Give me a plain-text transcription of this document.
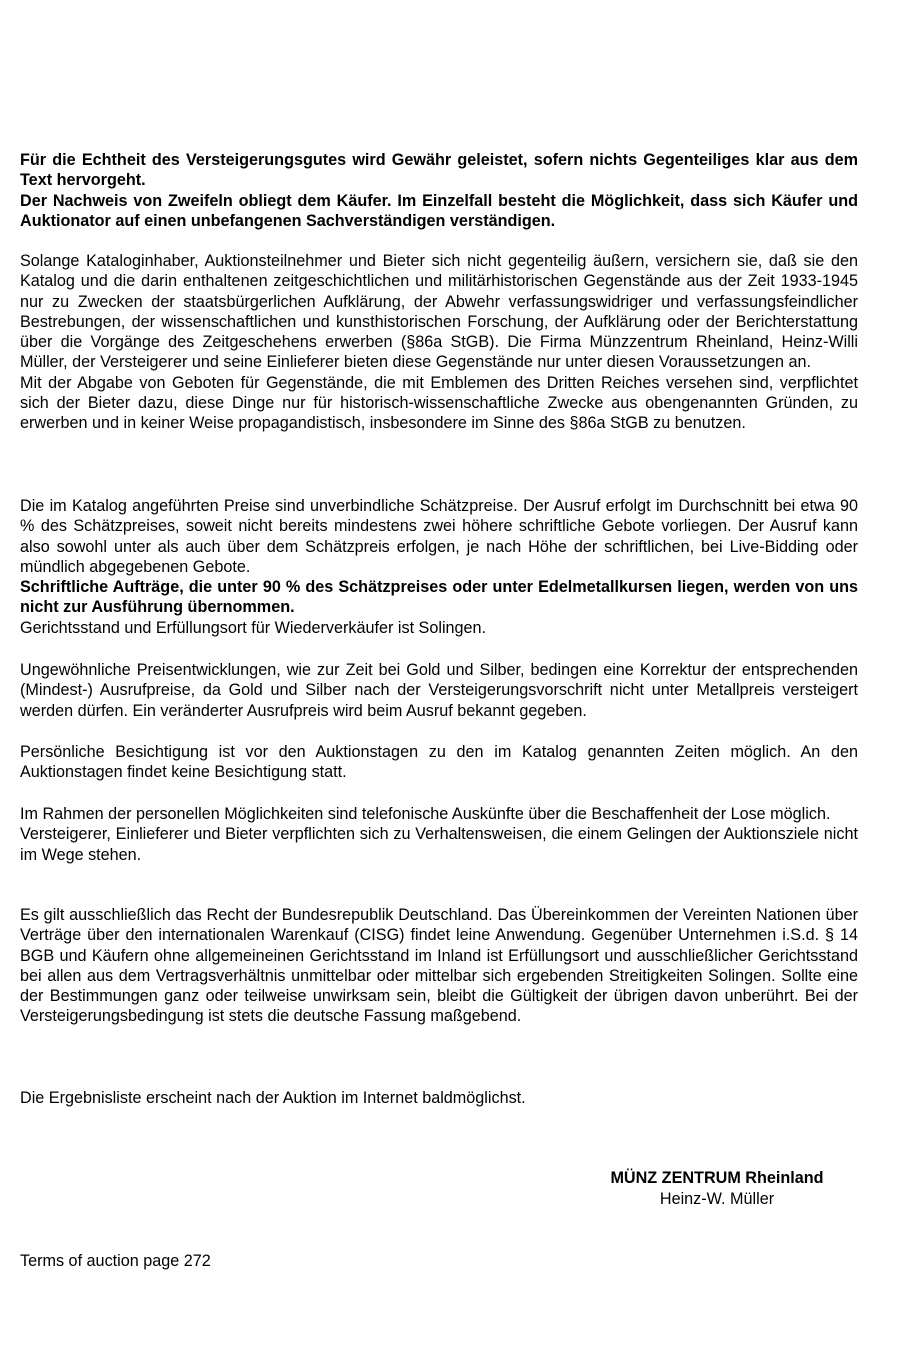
Für die Echtheit des Versteigerungsgutes wird Gewähr geleistet, sofern nichts Gegenteiliges klar aus dem Text hervorgeht.
Der Nachweis von Zweifeln obliegt dem Käufer. Im Einzelfall besteht die Möglichkeit, dass sich Käufer und Auktionator auf einen unbefangenen Sachverständigen verständigen.
Solange Kataloginhaber, Auktionsteilnehmer und Bieter sich nicht gegenteilig äußern, versichern sie, daß sie den Katalog und die darin enthaltenen zeitgeschichtlichen und militärhistorischen Gegenstände aus der Zeit 1933-1945 nur zu Zwecken der staatsbürgerlichen Aufklärung, der Abwehr verfassungswidriger und verfassungsfeindlicher Bestrebungen, der wissenschaftlichen und kunsthistorischen Forschung, der Aufklärung oder der Berichterstattung über die Vorgänge des Zeitgeschehens erwerben (§86a StGB). Die Firma Münzzentrum Rheinland, Heinz-Willi Müller, der Versteigerer und seine Einlieferer bieten diese Gegenstände nur unter diesen Voraussetzungen an.
Mit der Abgabe von Geboten für Gegenstände, die mit Emblemen des Dritten Reiches versehen sind, verpflichtet sich der Bieter dazu, diese Dinge nur für historisch-wissenschaftliche Zwecke aus obengenannten Gründen, zu erwerben und in keiner Weise propagandistisch, insbesondere im Sinne des §86a StGB zu benutzen.
Die im Katalog angeführten Preise sind unverbindliche Schätzpreise. Der Ausruf erfolgt im Durchschnitt bei etwa 90 % des Schätzpreises, soweit nicht bereits mindestens zwei höhere schriftliche Gebote vorliegen. Der Ausruf kann also sowohl unter als auch über dem Schätzpreis erfolgen, je nach Höhe der schriftlichen, bei Live-Bidding oder mündlich abgegebenen Gebote.
Schriftliche Aufträge, die unter 90 % des Schätzpreises oder unter Edelmetallkursen liegen, werden von uns nicht zur Ausführung übernommen.
Gerichtsstand und Erfüllungsort für Wiederverkäufer ist Solingen.
Ungewöhnliche Preisentwicklungen, wie zur Zeit bei Gold und Silber, bedingen eine Korrektur der entsprechenden (Mindest-) Ausrufpreise, da Gold und Silber nach der Versteigerungsvorschrift nicht unter Metallpreis versteigert werden dürfen. Ein veränderter Ausrufpreis wird beim Ausruf bekannt gegeben.
Persönliche Besichtigung ist vor den Auktionstagen zu den im Katalog genannten Zeiten möglich. An den Auktionstagen findet keine Besichtigung statt.
Im Rahmen der personellen Möglichkeiten sind telefonische Auskünfte über die Beschaffenheit der Lose möglich.
Versteigerer, Einlieferer und Bieter verpflichten sich zu Verhaltensweisen, die einem Gelingen der Auktionsziele nicht im Wege stehen.
Es gilt ausschließlich das Recht der Bundesrepublik Deutschland. Das Übereinkommen der Vereinten Nationen über Verträge über den internationalen Warenkauf (CISG) findet leine Anwendung. Gegenüber Unternehmen i.S.d. § 14 BGB und Käufern ohne allgemeineinen Gerichtsstand im Inland ist Erfüllungsort und ausschließlicher Gerichtsstand bei allen aus dem Vertragsverhältnis unmittelbar oder mittelbar sich ergebenden Streitigkeiten Solingen. Sollte eine der Bestimmungen ganz oder teilweise unwirksam sein, bleibt die Gültigkeit der übrigen davon unberührt. Bei der Versteigerungsbedingung ist stets die deutsche Fassung maßgebend.
Die Ergebnisliste erscheint nach der Auktion im Internet baldmöglichst.
MÜNZ ZENTRUM Rheinland
Heinz-W. Müller
Terms of auction page 272
